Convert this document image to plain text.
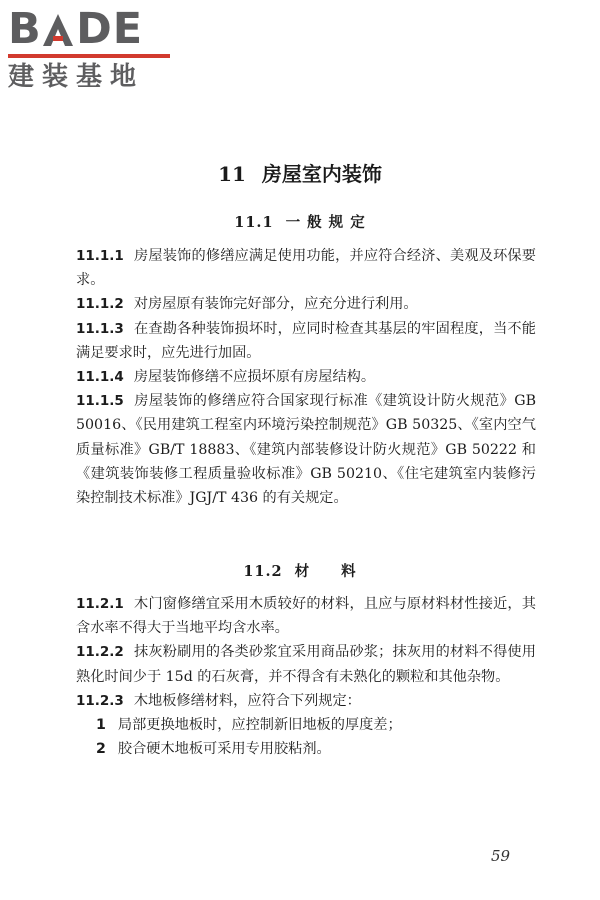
B DE
建装基地
11 房屋室内装饰
11.1 一 般 规 定

11.1.1 房屋装饰的修缮应满足使用功能，并应符合经济、美观及环保要求。

11.1.2 对房屋原有装饰完好部分，应充分进行利用。

11.1.3 在查勘各种装饰损坏时，应同时检查其基层的牢固程度，当不能满足要求时，应先进行加固。

11.1.4 房屋装饰修缮不应损坏原有房屋结构。

11.1.5 房屋装饰的修缮应符合国家现行标准《建筑设计防火规范》GB 50016、《民用建筑工程室内环境污染控制规范》GB 50325、《室内空气质量标准》GB/T 18883、《建筑内部装修设计防火规范》GB 50222 和《建筑装饰装修工程质量验收标准》GB 50210、《住宅建筑室内装修污染控制技术标准》JGJ/T 436 的有关规定。

11.2 材　　料

11.2.1 木门窗修缮宜采用木质较好的材料，且应与原材料材性接近，其含水率不得大于当地平均含水率。

11.2.2 抹灰粉刷用的各类砂浆宜采用商品砂浆；抹灰用的材料不得使用熟化时间少于 15d 的石灰膏，并不得含有未熟化的颗粒和其他杂物。

11.2.3 木地板修缮材料，应符合下列规定：

1 局部更换地板时，应控制新旧地板的厚度差；

2 胶合硬木地板可采用专用胶粘剂。

59
